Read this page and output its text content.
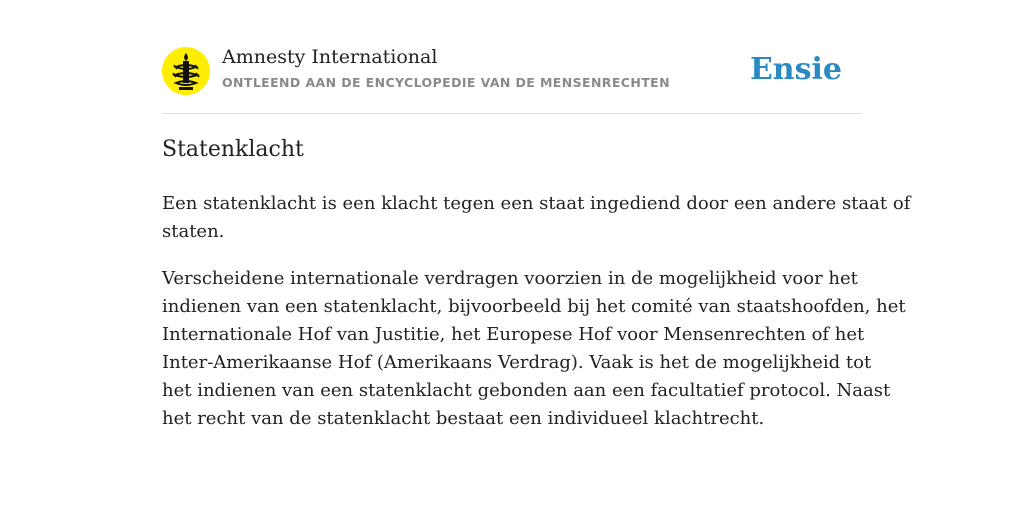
Amnesty International
ONTLEEND AAN DE ENCYCLOPEDIE VAN DE MENSENRECHTEN	Ensie
Statenklacht

Een statenklacht is een klacht tegen een staat ingediend door een andere staat of
staten.

Verscheidene internationale verdragen voorzien in de mogelijkheid voor het
indienen van een statenklacht, bijvoorbeeld bij het comité van staatshoofden, het
Internationale Hof van Justitie, het Europese Hof voor Mensenrechten of het
Inter-Amerikaanse Hof (Amerikaans Verdrag). Vaak is het de mogelijkheid tot
het indienen van een statenklacht gebonden aan een facultatief protocol. Naast
het recht van de statenklacht bestaat een individueel klachtrecht.
